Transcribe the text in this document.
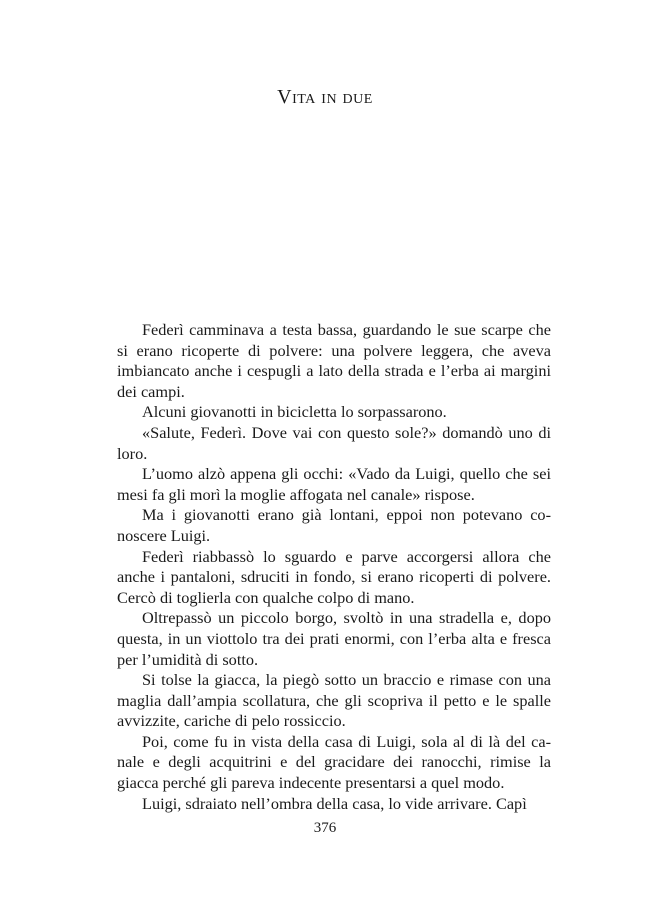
Vita in due

Federì camminava a testa bassa, guardando le sue scarpe che si erano ricoperte di polvere: una polvere leggera, che aveva imbiancato anche i cespugli a lato della strada e l’erba ai margini dei campi.

Alcuni giovanotti in bicicletta lo sorpassarono.

«Salute, Federì. Dove vai con questo sole?» domandò uno di loro.

L’uomo alzò appena gli occhi: «Vado da Luigi, quello che sei mesi fa gli morì la moglie affogata nel canale» rispose.

Ma i giovanotti erano già lontani, eppoi non potevano conoscere Luigi.

Federì riabbassò lo sguardo e parve accorgersi allora che anche i pantaloni, sdruciti in fondo, si erano ricoperti di polvere. Cercò di toglierla con qualche colpo di mano.

Oltrepassò un piccolo borgo, svoltò in una stradella e, dopo questa, in un viottolo tra dei prati enormi, con l’erba alta e fresca per l’umidità di sotto.

Si tolse la giacca, la piegò sotto un braccio e rimase con una maglia dall’ampia scollatura, che gli scopriva il petto e le spalle avvizzite, cariche di pelo rossiccio.

Poi, come fu in vista della casa di Luigi, sola al di là del canale e degli acquitrini e del gracidare dei ranocchi, rimise la giacca perché gli pareva indecente presentarsi a quel modo.

Luigi, sdraiato nell’ombra della casa, lo vide arrivare. Capì

376
